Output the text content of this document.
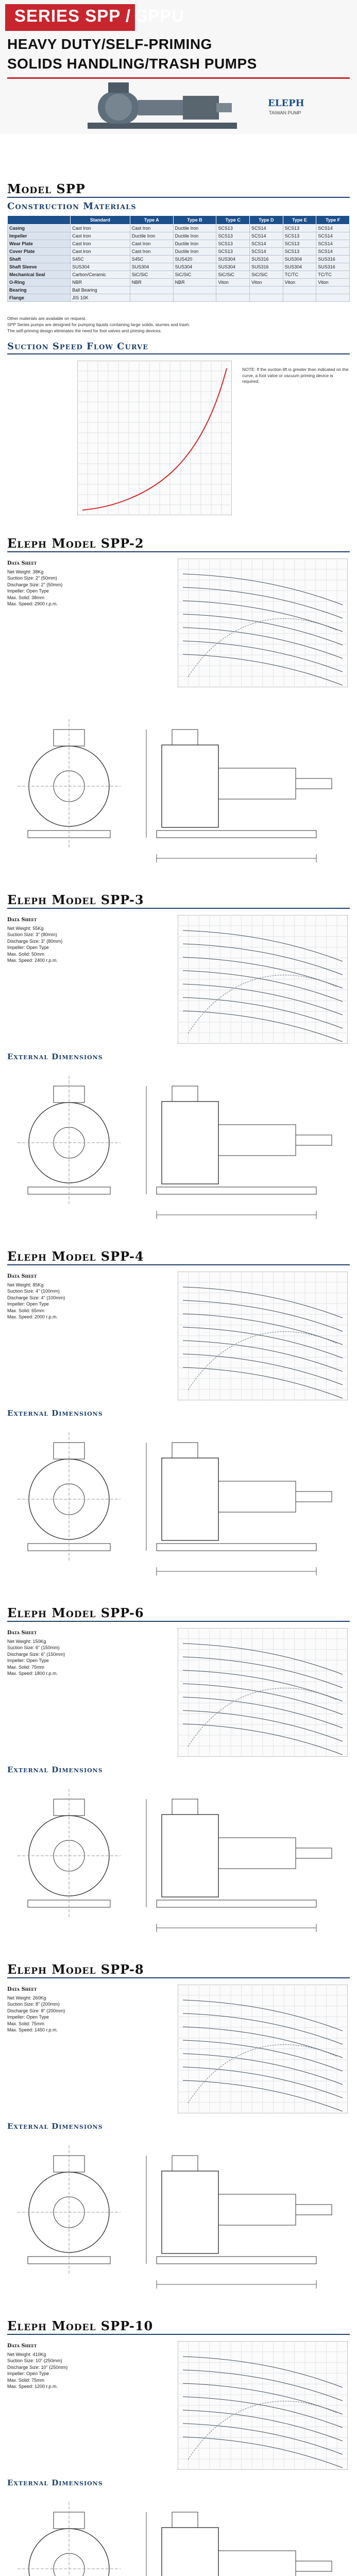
SERIES SPP / SPPU
HEAVY DUTY/SELF-PRIMING
SOLIDS HANDLING/TRASH PUMPS
ELEPH
TAIWAN PUMP
Model SPP
Construction Materials
	Standard	Type A	Type B	Type C	Type D	Type E	Type F
Casing	Cast Iron	Cast Iron	Ductile Iron	SCS13	SCS14	SCS13	SCS14
Impeller	Cast Iron	Ductile Iron	Ductile Iron	SCS13	SCS14	SCS13	SCS14
Wear Plate	Cast Iron	Cast Iron	Ductile Iron	SCS13	SCS14	SCS13	SCS14
Cover Plate	Cast Iron	Cast Iron	Ductile Iron	SCS13	SCS14	SCS13	SCS14
Shaft	S45C	S45C	SUS420	SUS304	SUS316	SUS304	SUS316
Shaft Sleeve	SUS304	SUS304	SUS304	SUS304	SUS316	SUS304	SUS316
Mechanical Seal	Carbon/Ceramic	SiC/SiC	SiC/SiC	SiC/SiC	SiC/SiC	TC/TC	TC/TC
O-Ring	NBR	NBR	NBR	Viton	Viton	Viton	Viton
Bearing	Ball Bearing						
Flange	JIS 10K						
Other materials are available on request.
SPP Series pumps are designed for pumping liquids containing large solids, slurries and trash.
The self-priming design eliminates the need for foot valves and priming devices.
Suction Speed Flow Curve
NOTE: If the suction lift is greater than indicated on the curve, a foot valve or vacuum priming device is required.
Eleph Model SPP-2
Data Sheet
Net Weight: 38Kg
Suction Size: 2" (50mm)
Discharge Size: 2" (50mm)
Impeller: Open Type
Max. Solid: 38mm
Max. Speed: 2900 r.p.m.
Eleph Model SPP-3
Data Sheet
Net Weight: 55Kg
Suction Size: 3" (80mm)
Discharge Size: 3" (80mm)
Impeller: Open Type
Max. Solid: 50mm
Max. Speed: 2400 r.p.m.
External Dimensions
Eleph Model SPP-4
Data Sheet
Net Weight: 85Kg
Suction Size: 4" (100mm)
Discharge Size: 4" (100mm)
Impeller: Open Type
Max. Solid: 65mm
Max. Speed: 2000 r.p.m.
External Dimensions
Eleph Model SPP-6
Data Sheet
Net Weight: 150Kg
Suction Size: 6" (150mm)
Discharge Size: 6" (150mm)
Impeller: Open Type
Max. Solid: 75mm
Max. Speed: 1800 r.p.m.
External Dimensions
Eleph Model SPP-8
Data Sheet
Net Weight: 260Kg
Suction Size: 8" (200mm)
Discharge Size: 8" (200mm)
Impeller: Open Type
Max. Solid: 75mm
Max. Speed: 1450 r.p.m.
External Dimensions
Eleph Model SPP-10
Data Sheet
Net Weight: 410Kg
Suction Size: 10" (250mm)
Discharge Size: 10" (250mm)
Impeller: Open Type
Max. Solid: 75mm
Max. Speed: 1200 r.p.m.
External Dimensions
